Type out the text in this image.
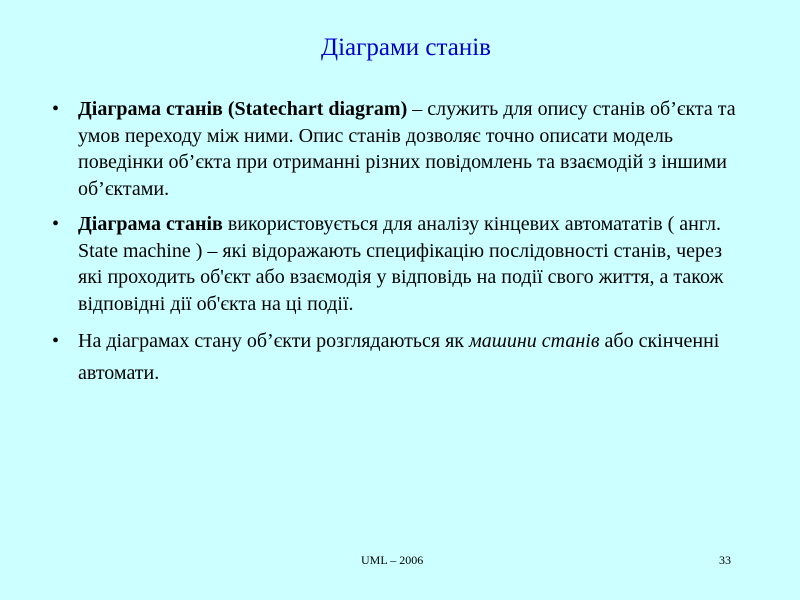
Діаграми станів
• Діаграма станів (Statechart diagram) – служить для опису станів об’єкта та умов переходу між ними. Опис станів дозволяє точно описати модель поведінки об’єкта при отриманні різних повідомлень та взаємодій з іншими об’єктами.
• Діаграма станів використовується для аналізу кінцевих автомататів ( англ. State machine ) – які відоражають специфікацію послідовності станів, через які проходить об'єкт або взаємодія у відповідь на події свого життя, а також відповідні дії об'єкта на ці події.
• На діаграмах стану об’єкти розглядаються як машини станів або скінченні автомати.
UML – 2006	33
